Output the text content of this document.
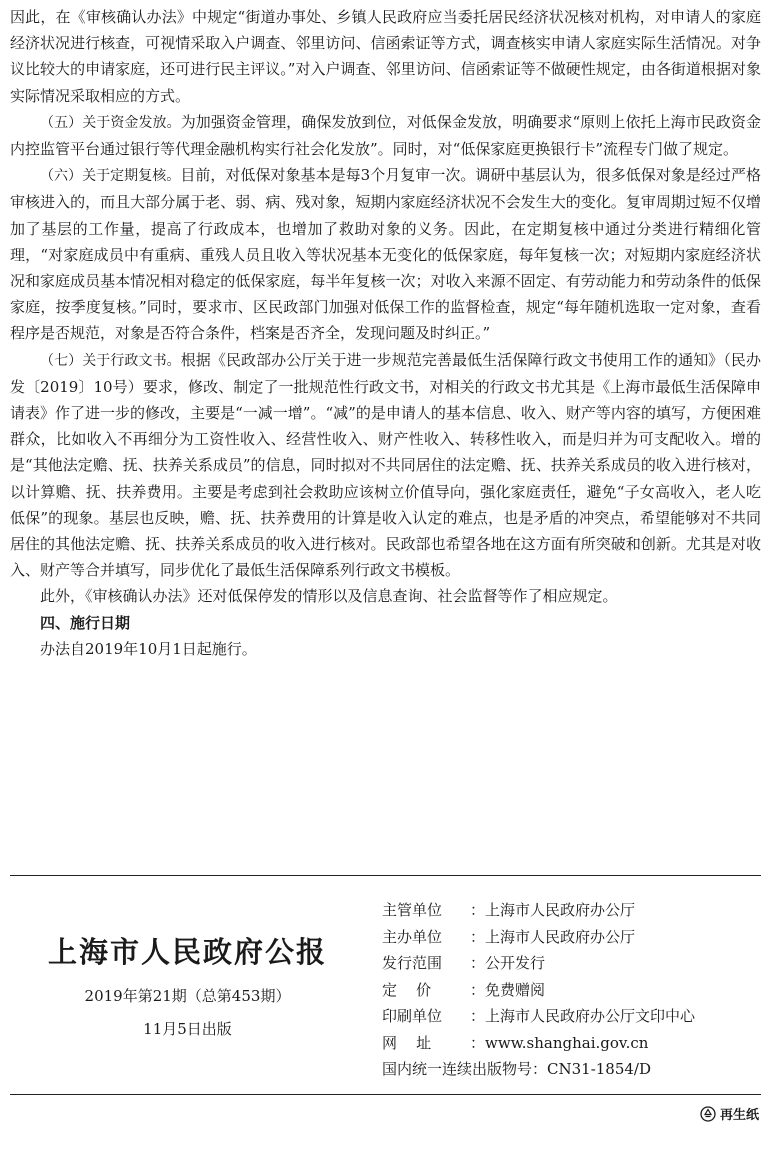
因此，在《审核确认办法》中规定“街道办事处、乡镇人民政府应当委托居民经济状况核对机构，对申请人的家庭经济状况进行核查，可视情采取入户调查、邻里访问、信函索证等方式，调查核实申请人家庭实际生活情况。对争议比较大的申请家庭，还可进行民主评议。”对入户调查、邻里访问、信函索证等不做硬性规定，由各街道根据对象实际情况采取相应的方式。

（五）关于资金发放。为加强资金管理，确保发放到位，对低保金发放，明确要求“原则上依托上海市民政资金内控监管平台通过银行等代理金融机构实行社会化发放”。同时，对“低保家庭更换银行卡”流程专门做了规定。

（六）关于定期复核。目前，对低保对象基本是每3个月复审一次。调研中基层认为，很多低保对象是经过严格审核进入的，而且大部分属于老、弱、病、残对象，短期内家庭经济状况不会发生大的变化。复审周期过短不仅增加了基层的工作量，提高了行政成本，也增加了救助对象的义务。因此，在定期复核中通过分类进行精细化管理，“对家庭成员中有重病、重残人员且收入等状况基本无变化的低保家庭，每年复核一次；对短期内家庭经济状况和家庭成员基本情况相对稳定的低保家庭，每半年复核一次；对收入来源不固定、有劳动能力和劳动条件的低保家庭，按季度复核。”同时，要求市、区民政部门加强对低保工作的监督检查，规定“每年随机选取一定对象，查看程序是否规范，对象是否符合条件，档案是否齐全，发现问题及时纠正。”

（七）关于行政文书。根据《民政部办公厅关于进一步规范完善最低生活保障行政文书使用工作的通知》（民办发〔2019〕10号）要求，修改、制定了一批规范性行政文书，对相关的行政文书尤其是《上海市最低生活保障申请表》作了进一步的修改，主要是“一减一增”。“减”的是申请人的基本信息、收入、财产等内容的填写，方便困难群众，比如收入不再细分为工资性收入、经营性收入、财产性收入、转移性收入，而是归并为可支配收入。增的是“其他法定赡、抚、扶养关系成员”的信息，同时拟对不共同居住的法定赡、抚、扶养关系成员的收入进行核对，以计算赡、抚、扶养费用。主要是考虑到社会救助应该树立价值导向，强化家庭责任，避免“子女高收入，老人吃低保”的现象。基层也反映，赡、抚、扶养费用的计算是收入认定的难点，也是矛盾的冲突点，希望能够对不共同居住的其他法定赡、抚、扶养关系成员的收入进行核对。民政部也希望各地在这方面有所突破和创新。尤其是对收入、财产等合并填写，同步优化了最低生活保障系列行政文书模板。

此外，《审核确认办法》还对低保停发的情形以及信息查询、社会监督等作了相应规定。

四、施行日期

办法自2019年10月1日起施行。

上海市人民政府公报
2019年第21期（总第453期）
11月5日出版
主管单位	： 上海市人民政府办公厅
主办单位	： 上海市人民政府办公厅
发行范围	： 公开发行
定    价	： 免费赠阅
印刷单位	： 上海市人民政府办公厅文印中心
网    址	： www.shanghai.gov.cn
国内统一连续出版物号：CN31-1854/D
再生纸
